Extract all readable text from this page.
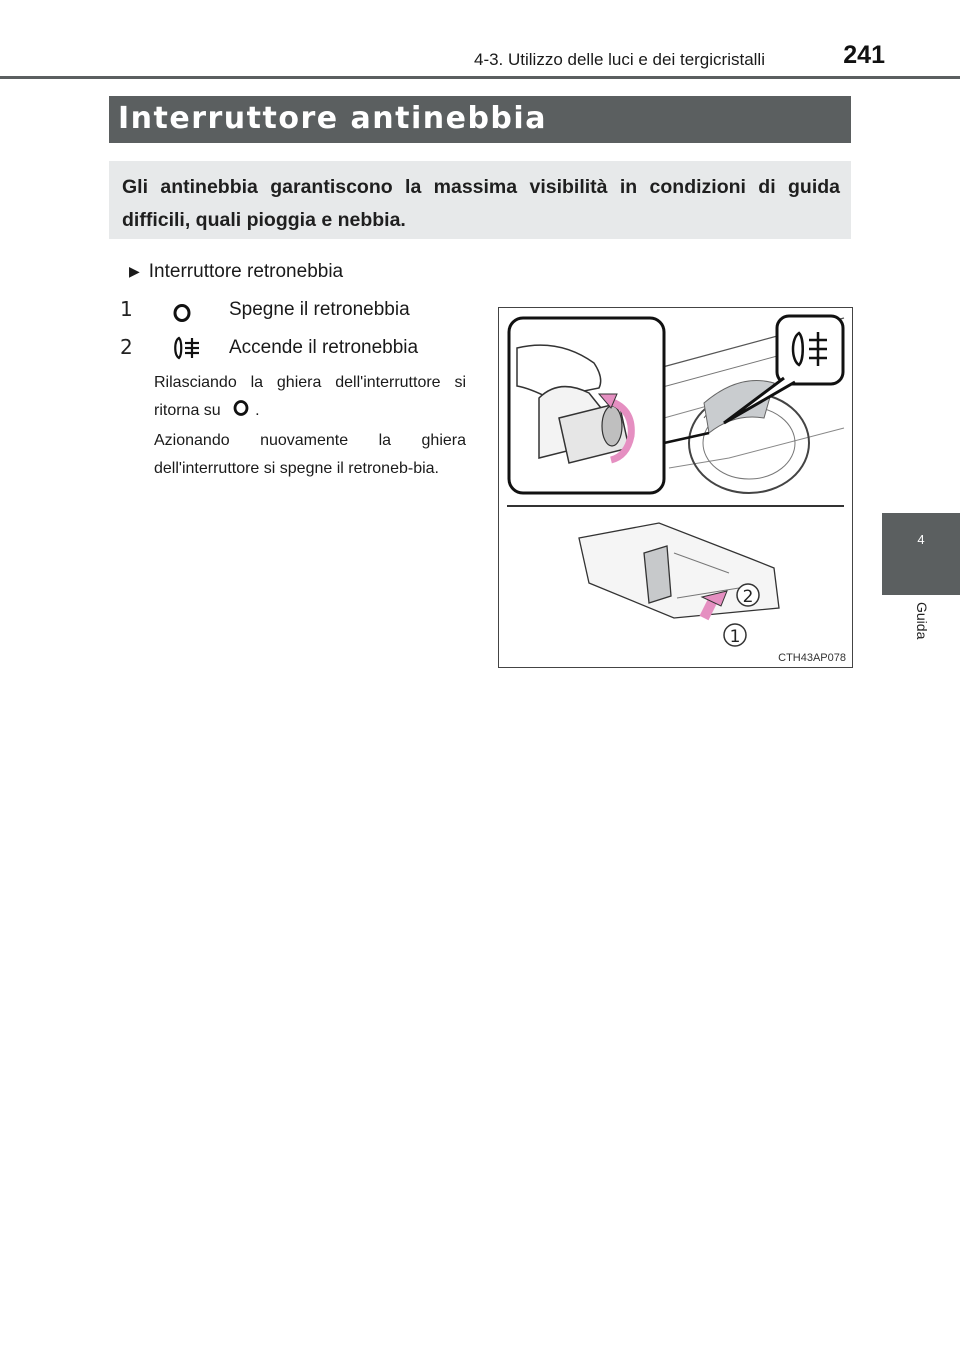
4-3. Utilizzo delle luci e dei tergicristalli	241
4
Guida
Interruttore antinebbia
Gli antinebbia garantiscono la massima visibilità in condizioni di guida difficili, quali pioggia e nebbia.
▶ Interruttore retronebbia
1	Spegne il retronebbia
2	Accende il retronebbia
Rilasciando la ghiera dell'interruttore si ritorna su .
Azionando nuovamente la ghiera dell'interruttore si spegne il retroneb-bia.
2
1
CTH43AP078
